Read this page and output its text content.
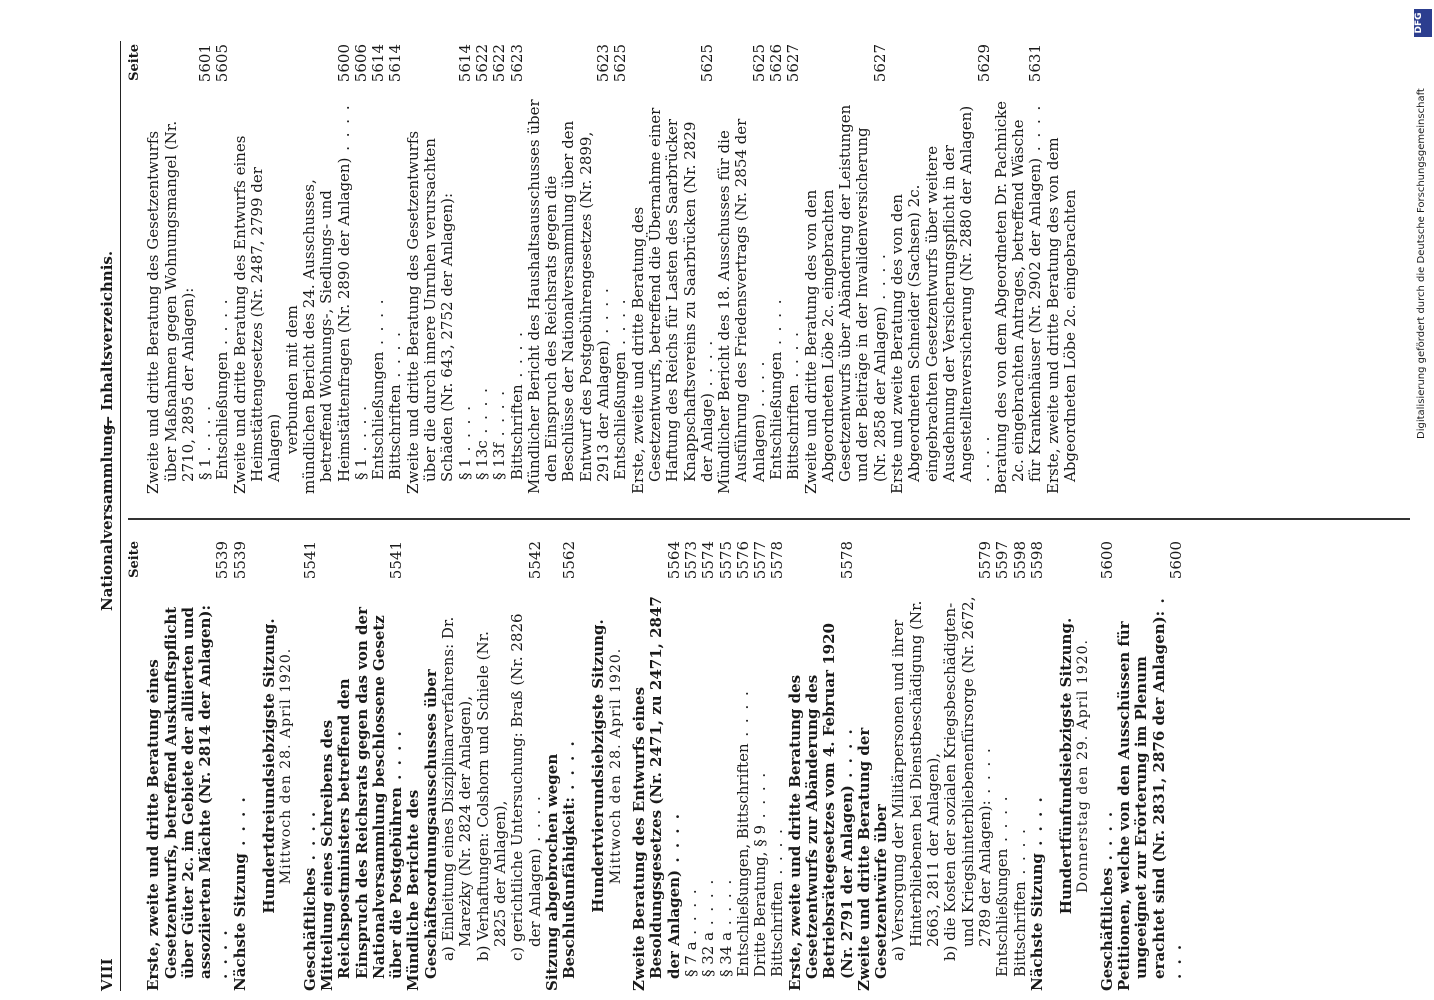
VIII
Nationalversammlung.
— Inhaltsverzeichnis.
Seite
Erste, zweite und dritte Beratung eines Gesetzentwurfs, betreffend Auskunftspflicht über Güter 2c. im Gebiete der alliierten und assoziierten Mächte (Nr. 2814 der Anlagen): . . . .
5539
Nächste Sitzung . . . .
5539
Hundertdreiundsiebzigste Sitzung. Mittwoch den 28. April 1920.
Geschäftliches . . . .
5541
Mitteilung eines Schreibens des Reichspostministers betreffend den Einspruch des Reichsrats gegen das von der Nationalversammlung beschlossene Gesetz über die Postgebühren . . . .
5541
Mündliche Berichte des Geschäftsordnungsausschusses über a) Einleitung eines Disziplinarverfahrens: Dr. Mareżky (Nr. 2824 der Anlagen), b) Verhaftungen: Colshorn und Schiele (Nr. 2825 der Anlagen), c) gerichtliche Untersuchung: Braß (Nr. 2826 der Anlagen) . . . .
5542
Sitzung abgebrochen wegen Beschlußunfähigkeit: . . . .
5562
Hundertvierundsiebzigste Sitzung. Mittwoch den 28. April 1920. Zweite Beratung des Entwurfs eines Besoldungsgesetzes (Nr. 2471, zu 2471, 2847 der Anlagen) . . . .
5564
§ 7 a . . . .
5573
§ 32 a . . . .
5574
§ 34 a . . . .
5575
Entschließungen, Bittschriften . . . .
5576
Dritte Beratung, § 9 . . . .
5577
Bittschriften . . . .
5578
Erste, zweite und dritte Beratung des Gesetzentwurfs zur Abänderung des Betriebsrätegesetzes vom 4. Februar 1920 (Nr. 2791 der Anlagen) . . . .
5578
Zweite und dritte Beratung der Gesetzentwürfe über a) Versorgung der Militärpersonen und ihrer Hinterbliebenen bei Dienstbeschädigung (Nr. 2663, 2811 der Anlagen), b) die Kosten der sozialen Kriegsbeschädigten- und Kriegshinterbliebenenfürsorge (Nr. 2672, 2789 der Anlagen): . . . .
5579
Entschließungen . . . .
5597
Bittschriften . . . .
5598
Nächste Sitzung . . . .
5598
Hundertfünfundsiebzigste Sitzung. Donnerstag den 29. April 1920.
Geschäftliches . . . .
5600
Petitionen, welche von den Ausschüssen für ungeeignet zur Erörterung im Plenum erachtet sind (Nr. 2831, 2876 der Anlagen): . . . .
5600
Seite
Zweite und dritte Beratung des Gesetzentwurfs über Maßnahmen gegen Wohnungsmangel (Nr. 2710, 2895 der Anlagen): § 1 . . . .
5601
Entschließungen . . . .
5605
Zweite und dritte Beratung des Entwurfs eines Heimstättengesetzes (Nr. 2487, 2799 der Anlagen) verbunden mit dem mündlichen Bericht des 24. Ausschusses, betreffend Wohnungs-, Siedlungs- und Heimstättenfragen (Nr. 2890 der Anlagen) . . . .
5600
§ 1 . . . .
5606
Entschließungen . . . .
5614
Bittschriften . . . .
5614
Zweite und dritte Beratung des Gesetzentwurfs über die durch innere Unruhen verursachten Schäden (Nr. 643, 2752 der Anlagen): § 1 . . . .
5614
§ 13c . . . .
5622
§ 13f . . . .
5622
Bittschriften . . . .
5623
Mündlicher Bericht des Haushaltsausschusses über den Einspruch des Reichsrats gegen die Beschlüsse der Nationalversammlung über den Entwurf des Postgebührengesetzes (Nr. 2899, 2913 der Anlagen) . . . .
5623
Entschließungen . . . .
5625
Erste, zweite und dritte Beratung des Gesetzentwurfs, betreffend die Übernahme einer Haftung des Reichs für Lasten des Saarbrücker Knappschaftsvereins zu Saarbrücken (Nr. 2829 der Anlage) . . . .
5625
Mündlicher Bericht des 18. Ausschusses für die Ausführung des Friedensvertrags (Nr. 2854 der Anlagen) . . . .
5625
Entschließungen . . . .
5626
Bittschriften . . . .
5627
Zweite und dritte Beratung des von den Abgeordneten Löbe 2c. eingebrachten Gesetzentwurfs über Abänderung der Leistungen und der Beiträge in der Invalidenversicherung (Nr. 2858 der Anlagen) . . . .
5627
Erste und zweite Beratung des von den Abgeordneten Schneider (Sachsen) 2c. eingebrachten Gesetzentwurfs über weitere Ausdehnung der Versicherungspflicht in der Angestelltenversicherung (Nr. 2880 der Anlagen) . . . .
5629
Beratung des von dem Abgeordneten Dr. Pachnicke 2c. eingebrachten Antrages, betreffend Wäsche für Krankenhäuser (Nr. 2902 der Anlagen) . . . .
5631
Erste, zweite und dritte Beratung des von dem Abgeordneten Löbe 2c. eingebrachten
DFG
Digitalisierung gefördert durch die Deutsche Forschungsgemeinschaft
